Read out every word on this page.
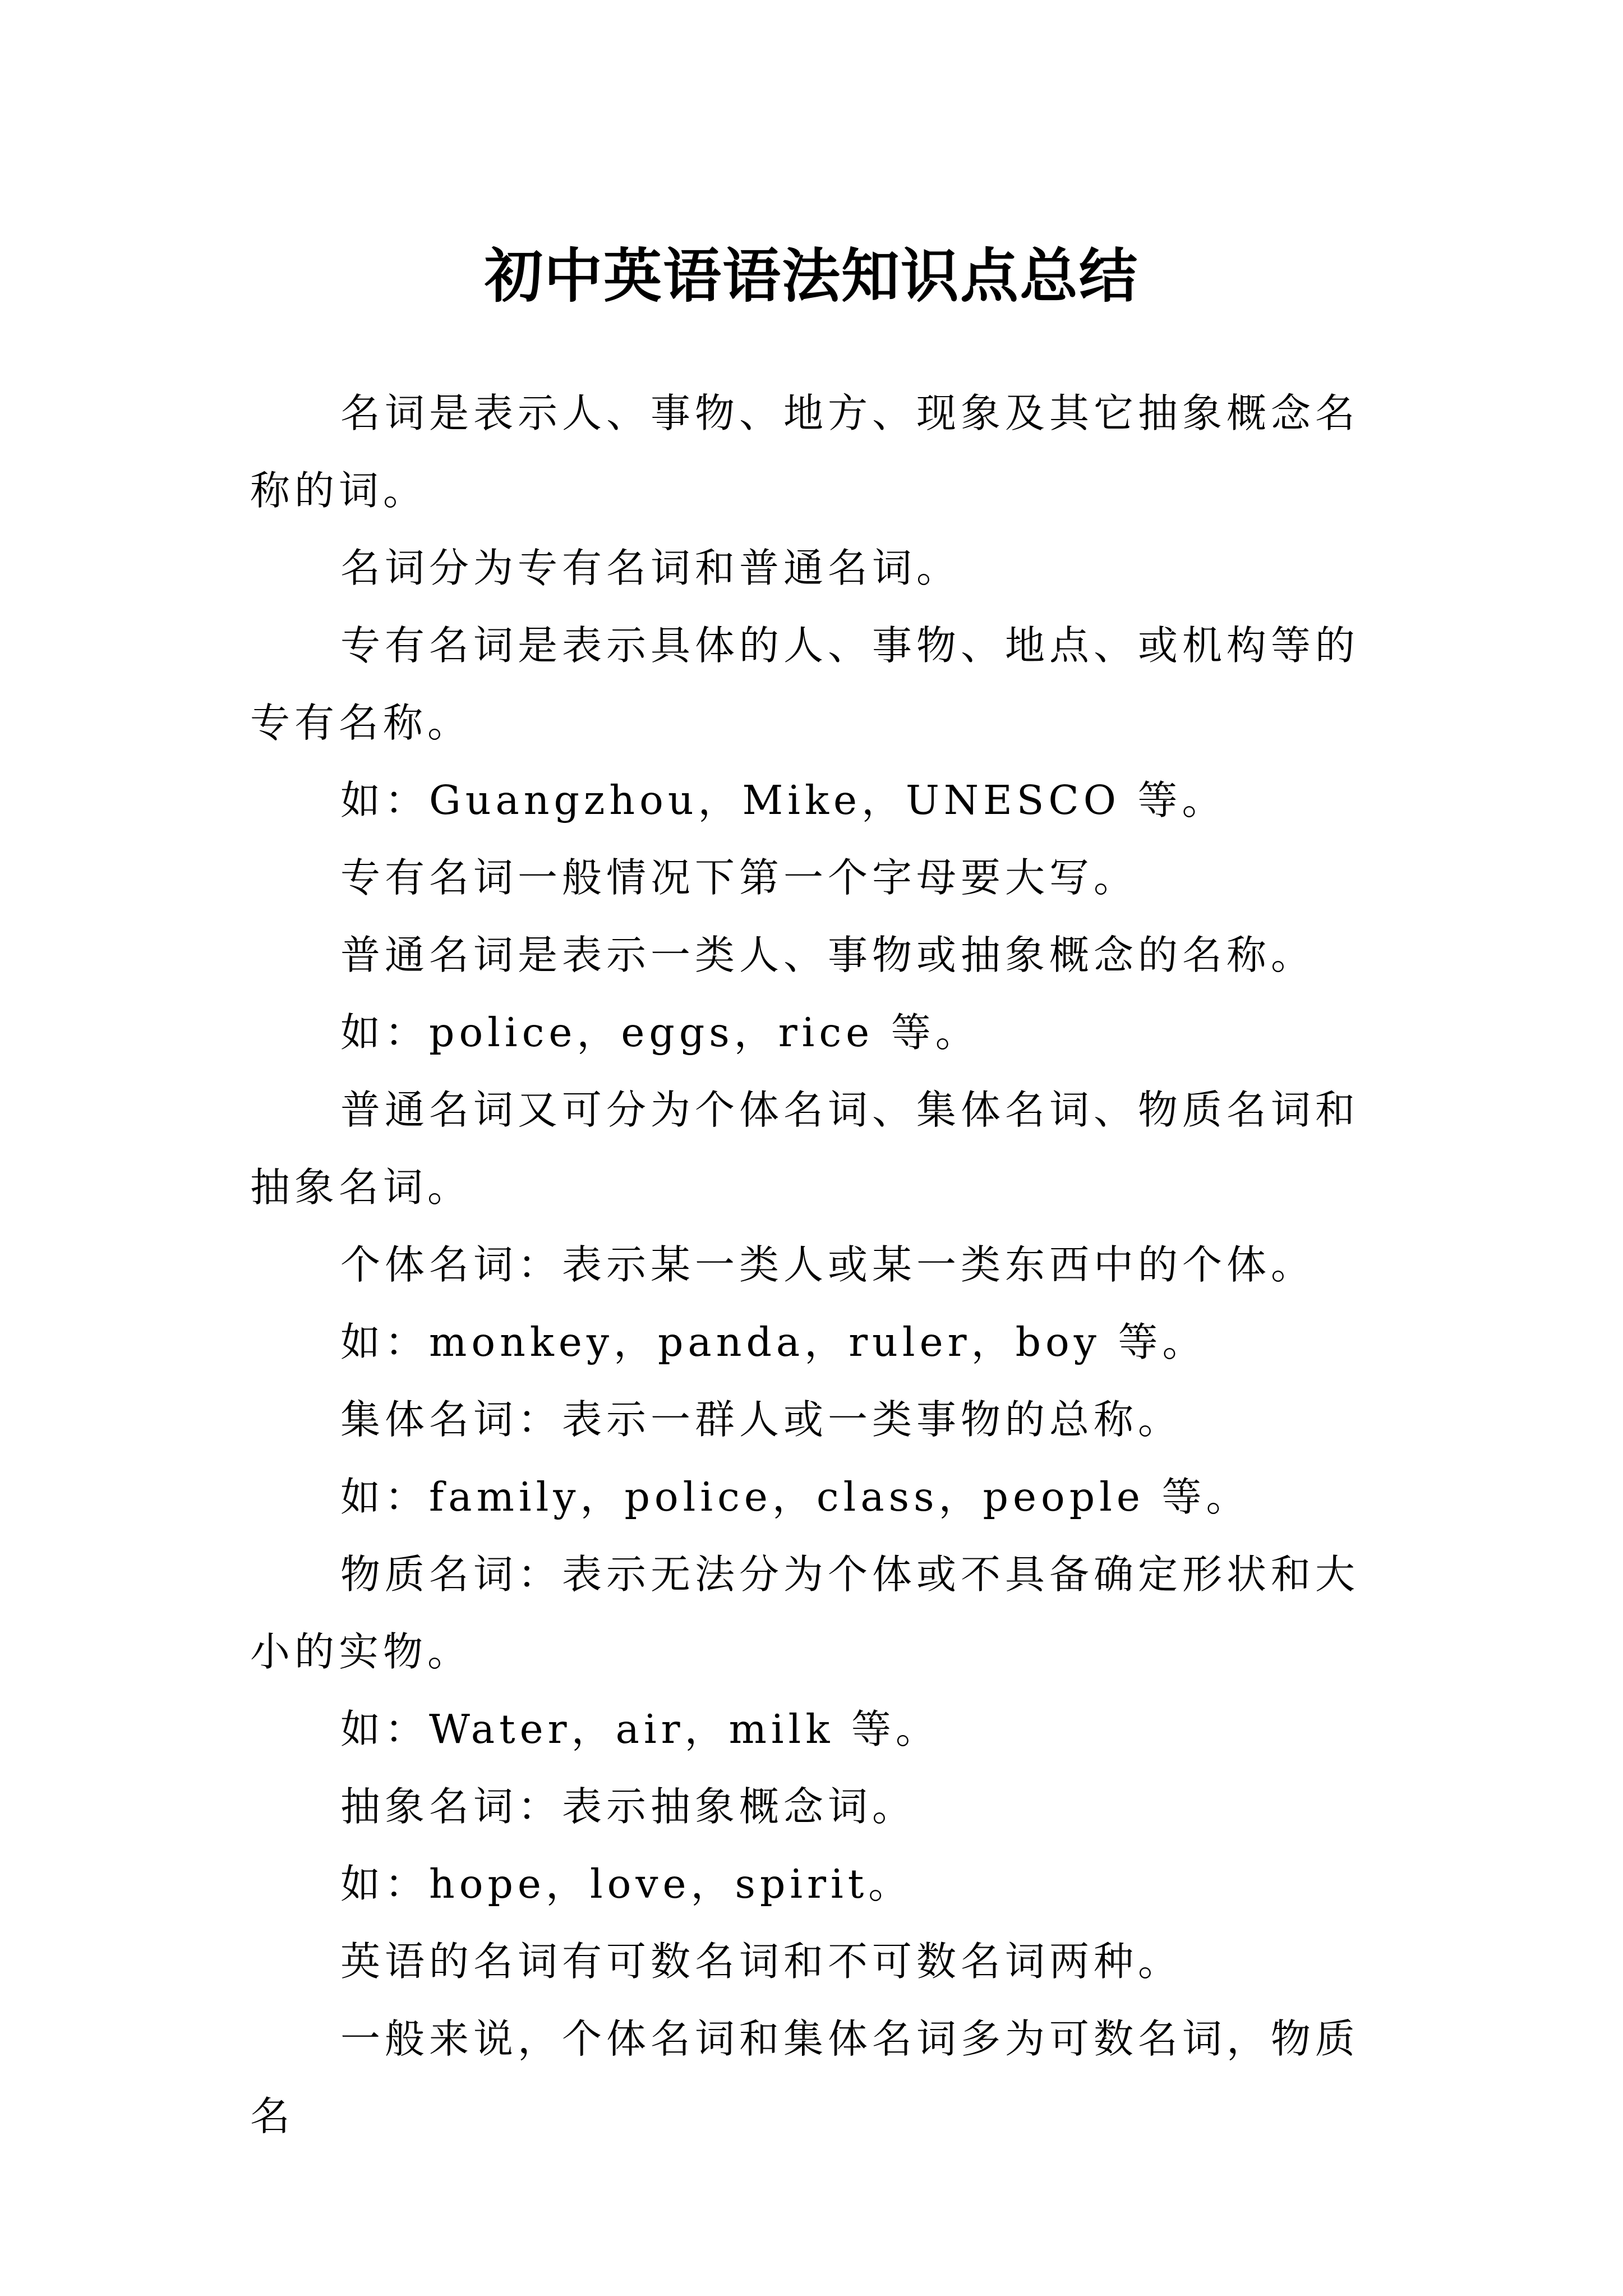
初中英语语法知识点总结

名词是表示人、事物、地方、现象及其它抽象概念名称的词。

名词分为专有名词和普通名词。

专有名词是表示具体的人、事物、地点、或机构等的专有名称。

如：Guangzhou，Mike，UNESCO 等。

专有名词一般情况下第一个字母要大写。

普通名词是表示一类人、事物或抽象概念的名称。

如：police，eggs，rice 等。

普通名词又可分为个体名词、集体名词、物质名词和抽象名词。

个体名词：表示某一类人或某一类东西中的个体。

如：monkey，panda，ruler，boy 等。

集体名词：表示一群人或一类事物的总称。

如：family，police，class，people 等。

物质名词：表示无法分为个体或不具备确定形状和大小的实物。

如：Water，air，milk 等。

抽象名词：表示抽象概念词。

如：hope，love，spirit。

英语的名词有可数名词和不可数名词两种。

一般来说，个体名词和集体名词多为可数名词，物质名
